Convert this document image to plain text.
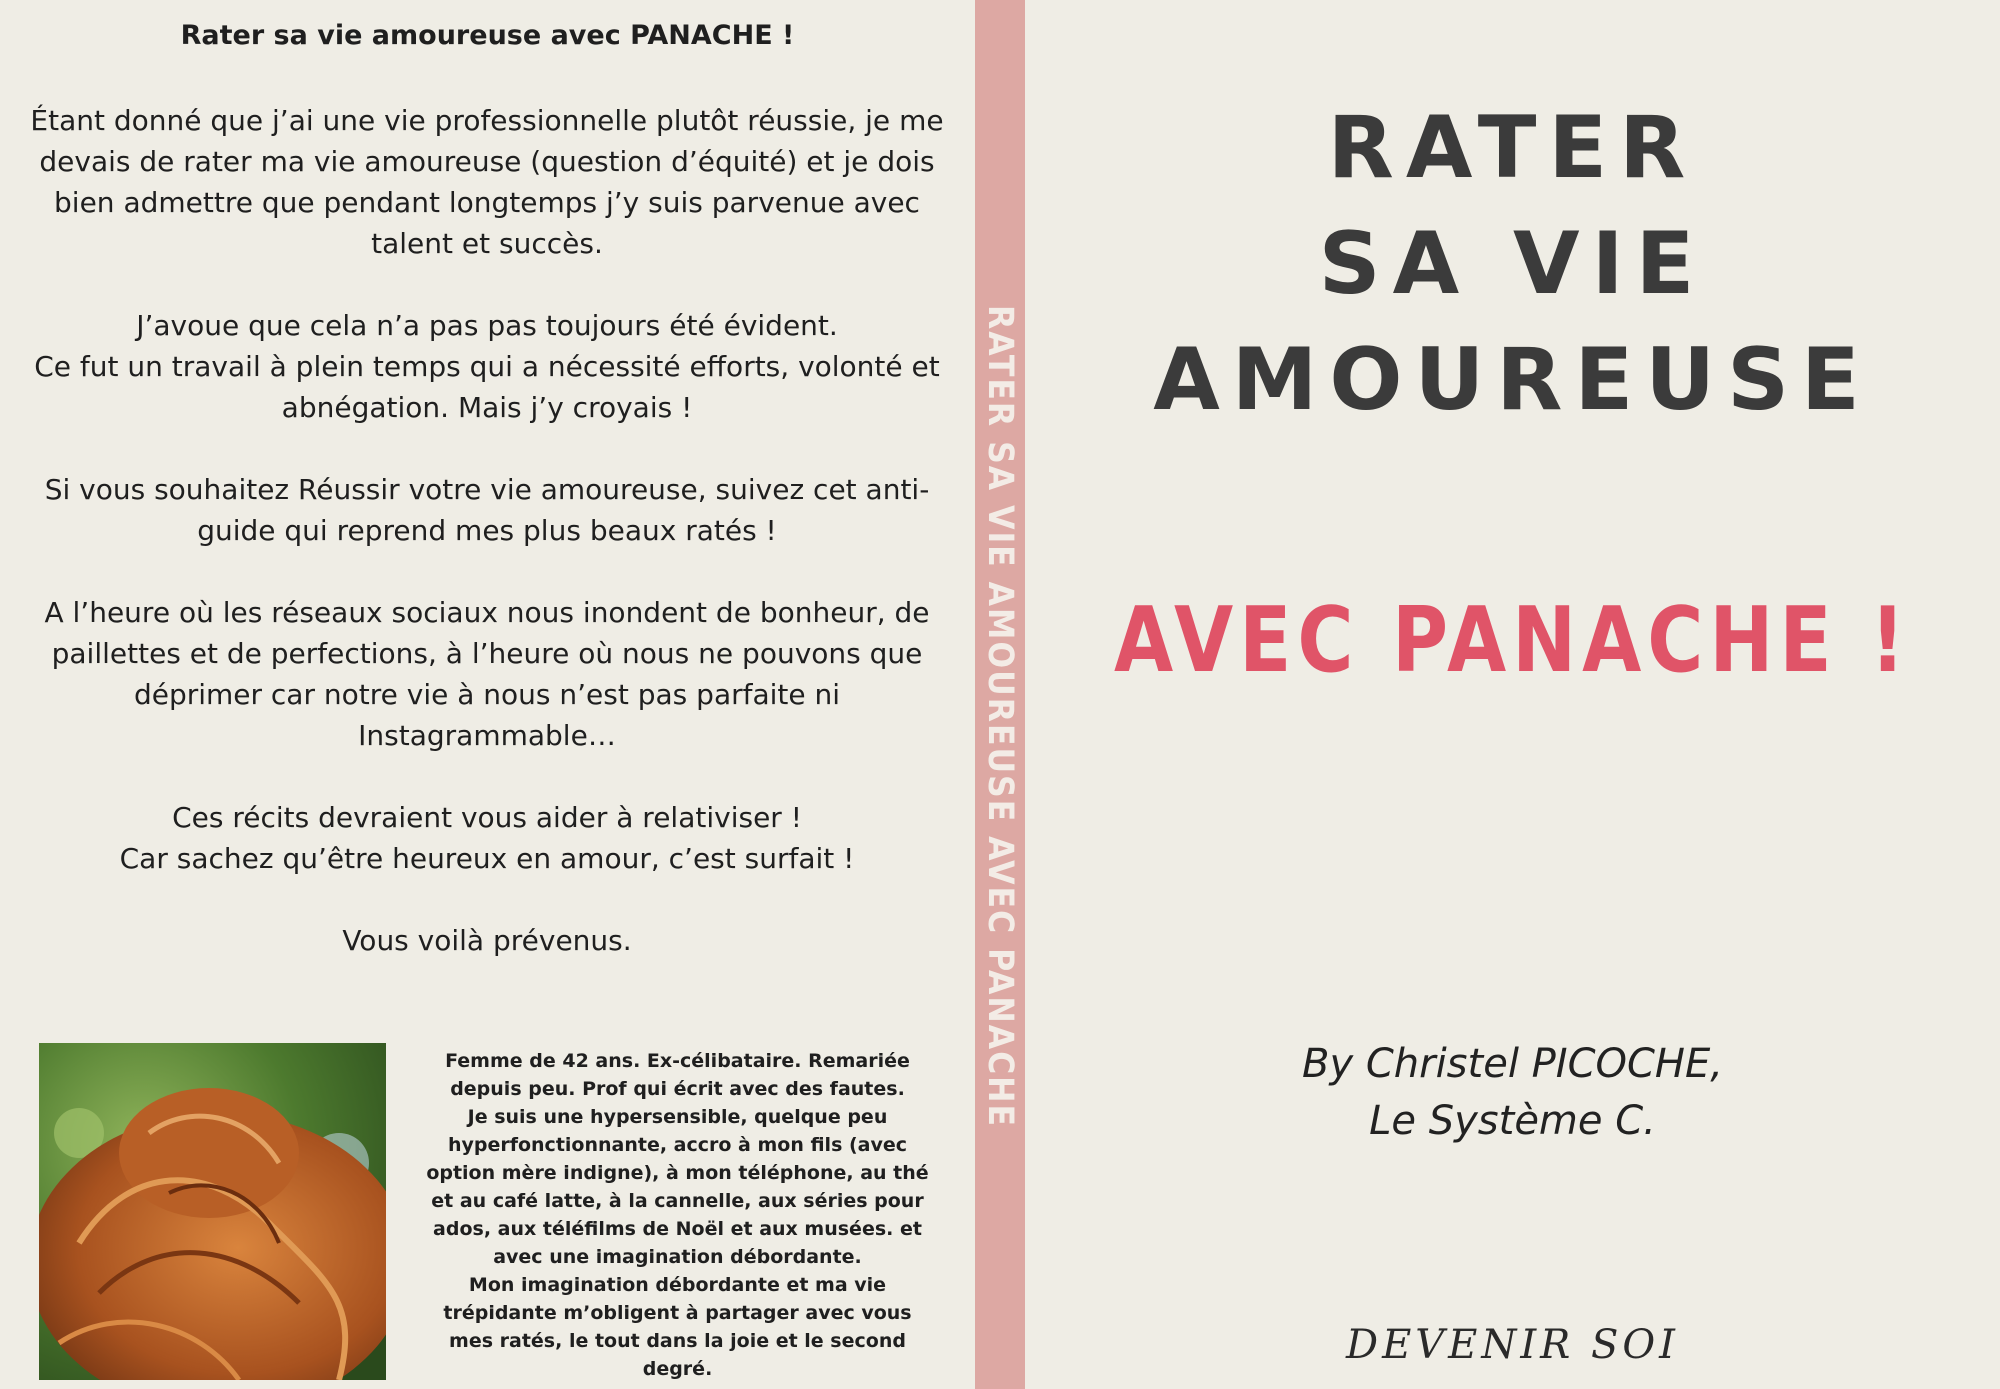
Rater sa vie amoureuse avec PANACHE !

Étant donné que j’ai une vie professionnelle plutôt réussie, je me devais de rater ma vie amoureuse (question d’équité) et je dois bien admettre que pendant longtemps j’y suis parvenue avec talent et succès.

J’avoue que cela n’a pas pas toujours été évident.
Ce fut un travail à plein temps qui a nécessité efforts, volonté et abnégation. Mais j’y croyais !

Si vous souhaitez Réussir votre vie amoureuse, suivez cet anti-guide qui reprend mes plus beaux ratés !

A l’heure où les réseaux sociaux nous inondent de bonheur, de paillettes et de perfections, à l’heure où nous ne pouvons que déprimer car notre vie à nous n’est pas parfaite ni Instagrammable…

Ces récits devraient vous aider à relativiser !
Car sachez qu’être heureux en amour, c’est surfait !

Vous voilà prévenus.

Femme de 42 ans. Ex-célibataire. Remariée depuis peu. Prof qui écrit avec des fautes.
Je suis une hypersensible, quelque peu hyperfonctionnante, accro à mon fils (avec option mère indigne), à mon téléphone, au thé et au café latte, à la cannelle, aux séries pour ados, aux téléfilms de Noël et aux musées. et avec une imagination débordante.
Mon imagination débordante et ma vie trépidante m’obligent à partager avec vous mes ratés, le tout dans la joie et le second degré.
RATER SA VIE AMOUREUSE AVEC PANACHE
RATER
SA VIE
AMOUREUSE
AVEC PANACHE !
By Christel PICOCHE,
Le Système C.
DEVENIR SOI
